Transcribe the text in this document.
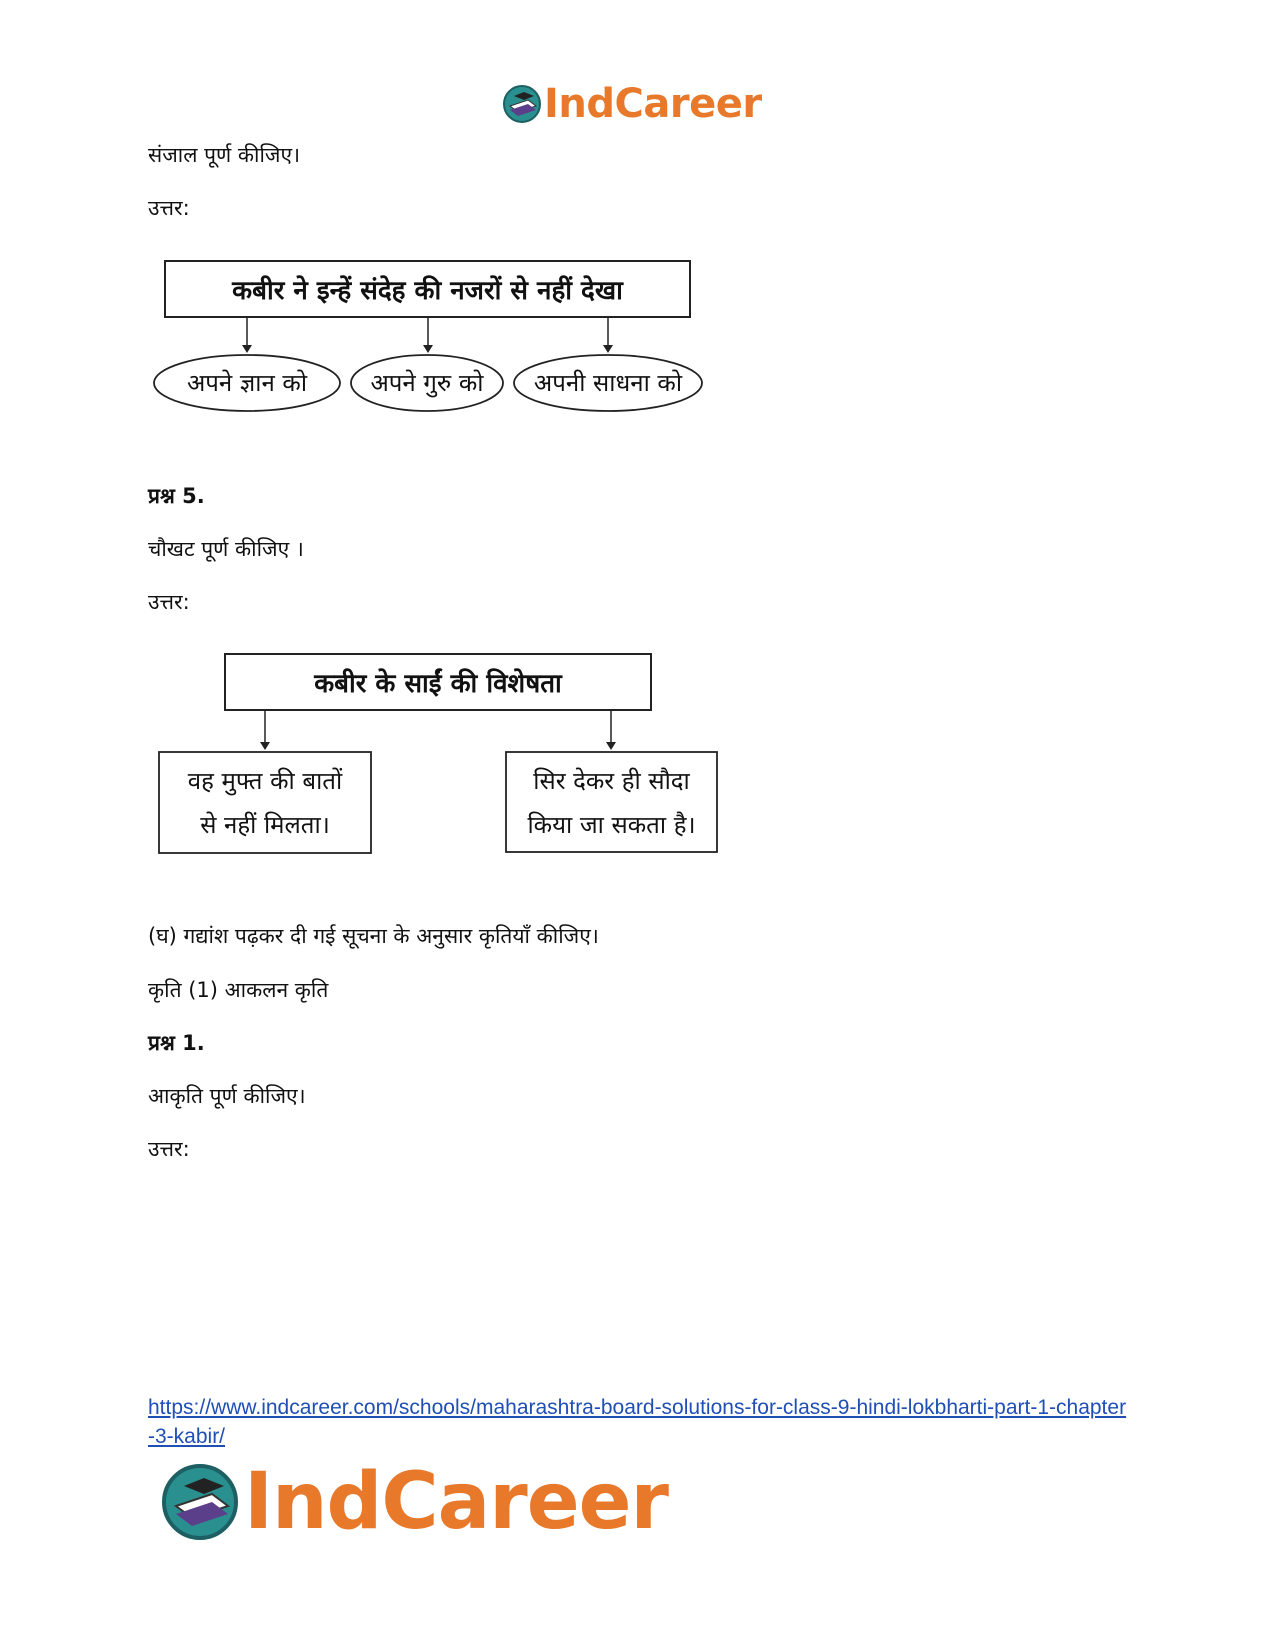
IndCareer
संजाल पूर्ण कीजिए।
उत्तर:
कबीर ने इन्हें संदेह की नजरों से नहीं देखा
अपने ज्ञान को	अपने गुरु को	अपनी साधना को
प्रश्न 5.
चौखट पूर्ण कीजिए ।
उत्तर:
कबीर के साईं की विशेषता
वह मुफ्त की बातों
से नहीं मिलता।
सिर देकर ही सौदा
किया जा सकता है।
(घ) गद्यांश पढ़कर दी गई सूचना के अनुसार कृतियाँ कीजिए।
कृति (1) आकलन कृति
प्रश्न 1.
आकृति पूर्ण कीजिए।
उत्तर:
https://www.indcareer.com/schools/maharashtra-board-solutions-for-class-9-hindi-lokbharti-part-1-chapter-3-kabir/
IndCareer
